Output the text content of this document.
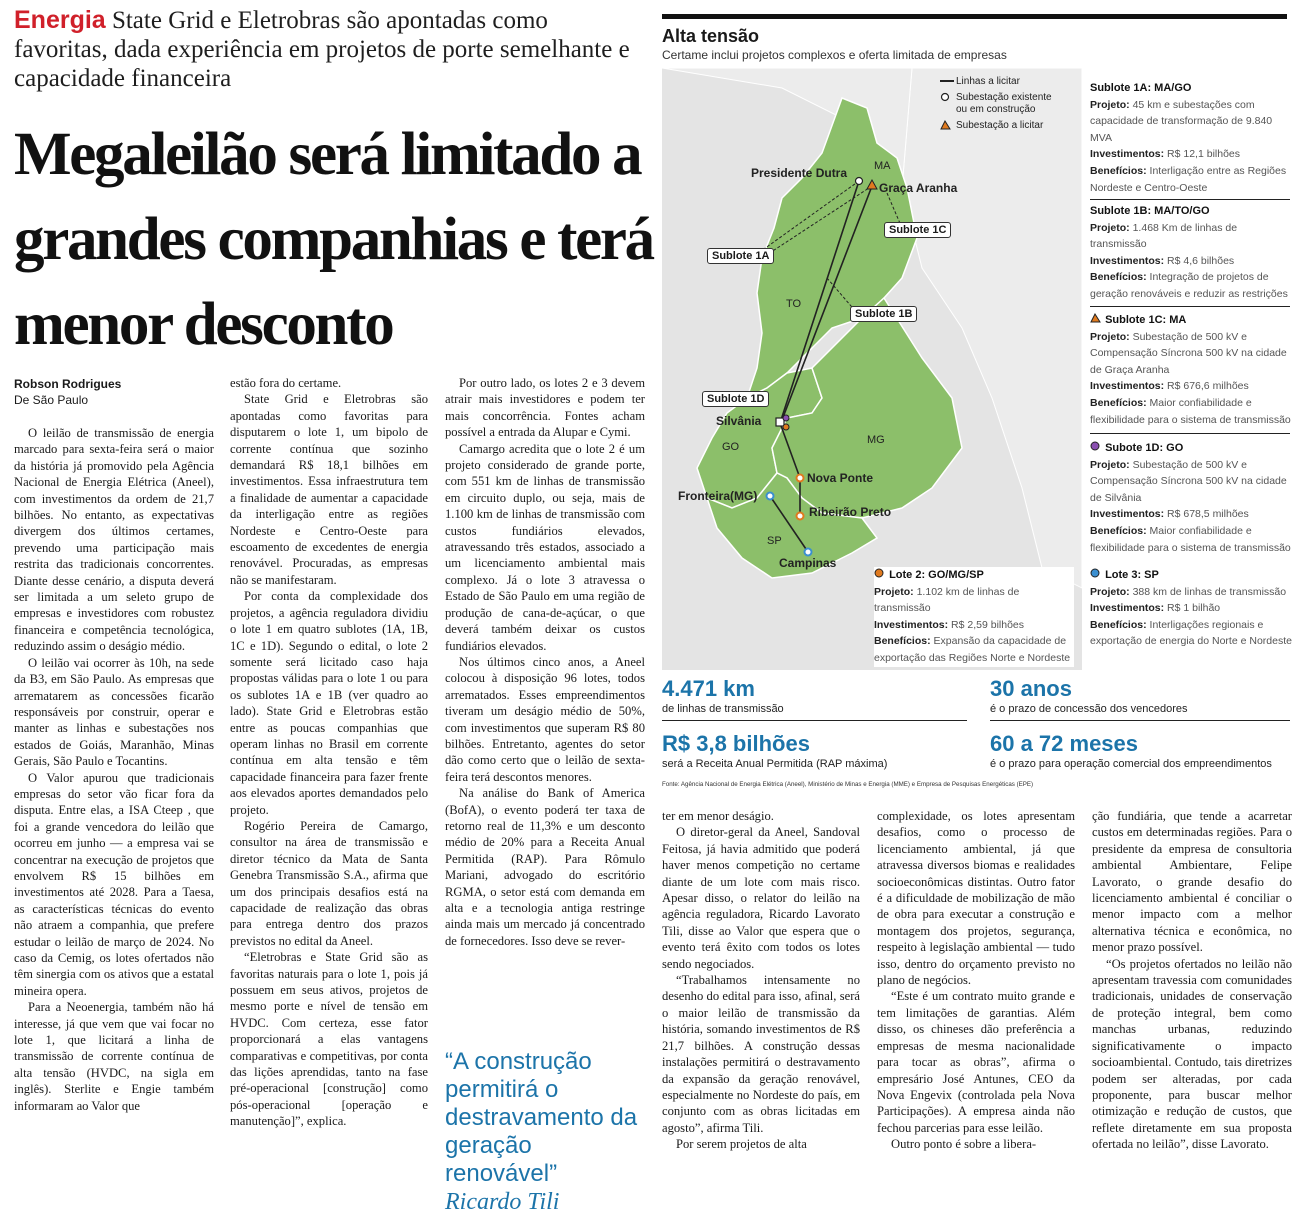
Energia State Grid e Eletrobras são apontadas como favoritas, dada experiência em projetos de porte semelhante e capacidade financeira
Megaleilão será limitado a grandes companhias e terá menor desconto
Robson Rodrigues
De São Paulo

O leilão de transmissão de energia marcado para sexta-feira será o maior da história já promovido pela Agência Nacional de Energia Elétrica (Aneel), com investimentos da ordem de 21,7 bilhões. No entanto, as expectativas divergem dos últimos certames, prevendo uma participação mais restrita das tradicionais concorrentes. Diante desse cenário, a disputa deverá ser limitada a um seleto grupo de empresas e investidores com robustez financeira e competência tecnológica, reduzindo assim o deságio médio.

O leilão vai ocorrer às 10h, na sede da B3, em São Paulo. As empresas que arrematarem as concessões ficarão responsáveis por construir, operar e manter as linhas e subestações nos estados de Goiás, Maranhão, Minas Gerais, São Paulo e Tocantins.

O Valor apurou que tradicionais empresas do setor vão ficar fora da disputa. Entre elas, a ISA Cteep , que foi a grande vencedora do leilão que ocorreu em junho — a empresa vai se concentrar na execução de projetos que envolvem R$ 15 bilhões em investimentos até 2028. Para a Taesa, as características técnicas do evento não atraem a companhia, que prefere estudar o leilão de março de 2024. No caso da Cemig, os lotes ofertados não têm sinergia com os ativos que a estatal mineira opera.

Para a Neoenergia, também não há interesse, já que vem que vai focar no lote 1, que licitará a linha de transmissão de corrente contínua de alta tensão (HVDC, na sigla em inglês). Sterlite e Engie também informaram ao Valor que

estão fora do certame.

State Grid e Eletrobras são apontadas como favoritas para disputarem o lote 1, um bipolo de corrente contínua que sozinho demandará R$ 18,1 bilhões em investimentos. Essa infraestrutura tem a finalidade de aumentar a capacidade da interligação entre as regiões Nordeste e Centro-Oeste para escoamento de excedentes de energia renovável. Procuradas, as empresas não se manifestaram.

Por conta da complexidade dos projetos, a agência reguladora dividiu o lote 1 em quatro sublotes (1A, 1B, 1C e 1D). Segundo o edital, o lote 2 somente será licitado caso haja propostas válidas para o lote 1 ou para os sublotes 1A e 1B (ver quadro ao lado). State Grid e Eletrobras estão entre as poucas companhias que operam linhas no Brasil em corrente contínua em alta tensão e têm capacidade financeira para fazer frente aos elevados aportes demandados pelo projeto.

Rogério Pereira de Camargo, consultor na área de transmissão e diretor técnico da Mata de Santa Genebra Transmissão S.A., afirma que um dos principais desafios está na capacidade de realização das obras para entrega dentro dos prazos previstos no edital da Aneel.

“Eletrobras e State Grid são as favoritas naturais para o lote 1, pois já possuem em seus ativos, projetos de mesmo porte e nível de tensão em HVDC. Com certeza, esse fator proporcionará a elas vantagens comparativas e competitivas, por conta das lições aprendidas, tanto na fase pré-operacional [construção] como pós-operacional [operação e manutenção]”, explica.

Por outro lado, os lotes 2 e 3 devem atrair mais investidores e podem ter mais concorrência. Fontes acham possível a entrada da Alupar e Cymi.

Camargo acredita que o lote 2 é um projeto considerado de grande porte, com 551 km de linhas de transmissão em circuito duplo, ou seja, mais de 1.100 km de linhas de transmissão com custos fundiários elevados, atravessando três estados, associado a um licenciamento ambiental mais complexo. Já o lote 3 atravessa o Estado de São Paulo em uma região de produção de cana-de-açúcar, o que deverá também deixar os custos fundiários elevados.

Nos últimos cinco anos, a Aneel colocou à disposição 96 lotes, todos arrematados. Esses empreendimentos tiveram um deságio médio de 50%, com investimentos que superam R$ 80 bilhões. Entretanto, agentes do setor dão como certo que o leilão de sexta-feira terá descontos menores.

Na análise do Bank of America (BofA), o evento poderá ter taxa de retorno real de 11,3% e um desconto médio de 20% para a Receita Anual Permitida (RAP). Para Rômulo Mariani, advogado do escritório RGMA, o setor está com demanda em alta e a tecnologia antiga restringe ainda mais um mercado já concentrado de fornecedores. Isso deve se rever-

“A construção permitirá o destravamento da geração renovável”
Ricardo Tili

ter em menor deságio.

O diretor-geral da Aneel, Sandoval Feitosa, já havia admitido que poderá haver menos competição no certame diante de um lote com mais risco. Apesar disso, o relator do leilão na agência reguladora, Ricardo Lavorato Tili, disse ao Valor que espera que o evento terá êxito com todos os lotes sendo negociados.

“Trabalhamos intensamente no desenho do edital para isso, afinal, será o maior leilão de transmissão da história, somando investimentos de R$ 21,7 bilhões. A construção dessas instalações permitirá o destravamento da expansão da geração renovável, especialmente no Nordeste do país, em conjunto com as obras licitadas em agosto”, afirma Tili.

Por serem projetos de alta

complexidade, os lotes apresentam desafios, como o processo de licenciamento ambiental, já que atravessa diversos biomas e realidades socioeconômicas distintas. Outro fator é a dificuldade de mobilização de mão de obra para executar a construção e montagem dos projetos, segurança, respeito à legislação ambiental — tudo isso, dentro do orçamento previsto no plano de negócios.

“Este é um contrato muito grande e tem limitações de garantias. Além disso, os chineses dão preferência a empresas de mesma nacionalidade para tocar as obras”, afirma o empresário José Antunes, CEO da Nova Engevix (controlada pela Nova Participações). A empresa ainda não fechou parcerias para esse leilão.

Outro ponto é sobre a libera-

ção fundiária, que tende a acarretar custos em determinadas regiões. Para o presidente da empresa de consultoria ambiental Ambientare, Felipe Lavorato, o grande desafio do licenciamento ambiental é conciliar o menor impacto com a melhor alternativa técnica e econômica, no menor prazo possível.

“Os projetos ofertados no leilão não apresentam travessia com comunidades tradicionais, unidades de conservação de proteção integral, bem como manchas urbanas, reduzindo significativamente o impacto socioambiental. Contudo, tais diretrizes podem ser alteradas, por cada proponente, para buscar melhor otimização e redução de custos, que reflete diretamente em sua proposta ofertada no leilão”, disse Lavorato.

Alta tensão
Certame inclui projetos complexos e oferta limitada de empresas
Presidente Dutra
Graça Aranha
Silvânia
Nova Ponte
Fronteira(MG)
Ribeirão Preto
Campinas
MA
TO
GO
MG
SP
Sublote 1A
Sublote 1C
Sublote 1B
Sublote 1D
Linhas a licitar
Subestação existente ou em construção
Subestação a licitar
Sublote 1A: MA/GO
Projeto: 45 km e subestações com capacidade de transformação de 9.840 MVA
Investimentos: R$ 12,1 bilhões
Benefícios: Interligação entre as Regiões Nordeste e Centro-Oeste
Sublote 1B: MA/TO/GO
Projeto: 1.468 Km de linhas de transmissão
Investimentos: R$ 4,6 bilhões
Benefícios: Integração de projetos de geração renováveis e reduzir as restrições
Sublote 1C: MA
Projeto: Subestação de 500 kV e Compensação Síncrona 500 kV na cidade de Graça Aranha
Investimentos: R$ 676,6 milhões
Benefícios: Maior confiabilidade e flexibilidade para o sistema de transmissão
Subote 1D: GO
Projeto: Subestação de 500 kV e Compensação Síncrona 500 kV na cidade de Silvânia
Investimentos: R$ 678,5 milhões
Benefícios: Maior confiabilidade e flexibilidade para o sistema de transmissão
Lote 2: GO/MG/SP
Projeto: 1.102 km de linhas de transmissão
Investimentos: R$ 2,59 bilhões
Benefícios: Expansão da capacidade de exportação das Regiões Norte e Nordeste
Lote 3: SP
Projeto: 388 km de linhas de transmissão
Investimentos: R$ 1 bilhão
Benefícios: Interligações regionais e exportação de energia do Norte e Nordeste
4.471 km
de linhas de transmissão
30 anos
é o prazo de concessão dos vencedores
R$ 3,8 bilhões
será a Receita Anual Permitida (RAP máxima)
60 a 72 meses
é o prazo para operação comercial dos empreendimentos
Fonte: Agência Nacional de Energia Elétrica (Aneel), Ministério de Minas e Energia (MME) e Empresa de Pesquisas Energéticas (EPE)
